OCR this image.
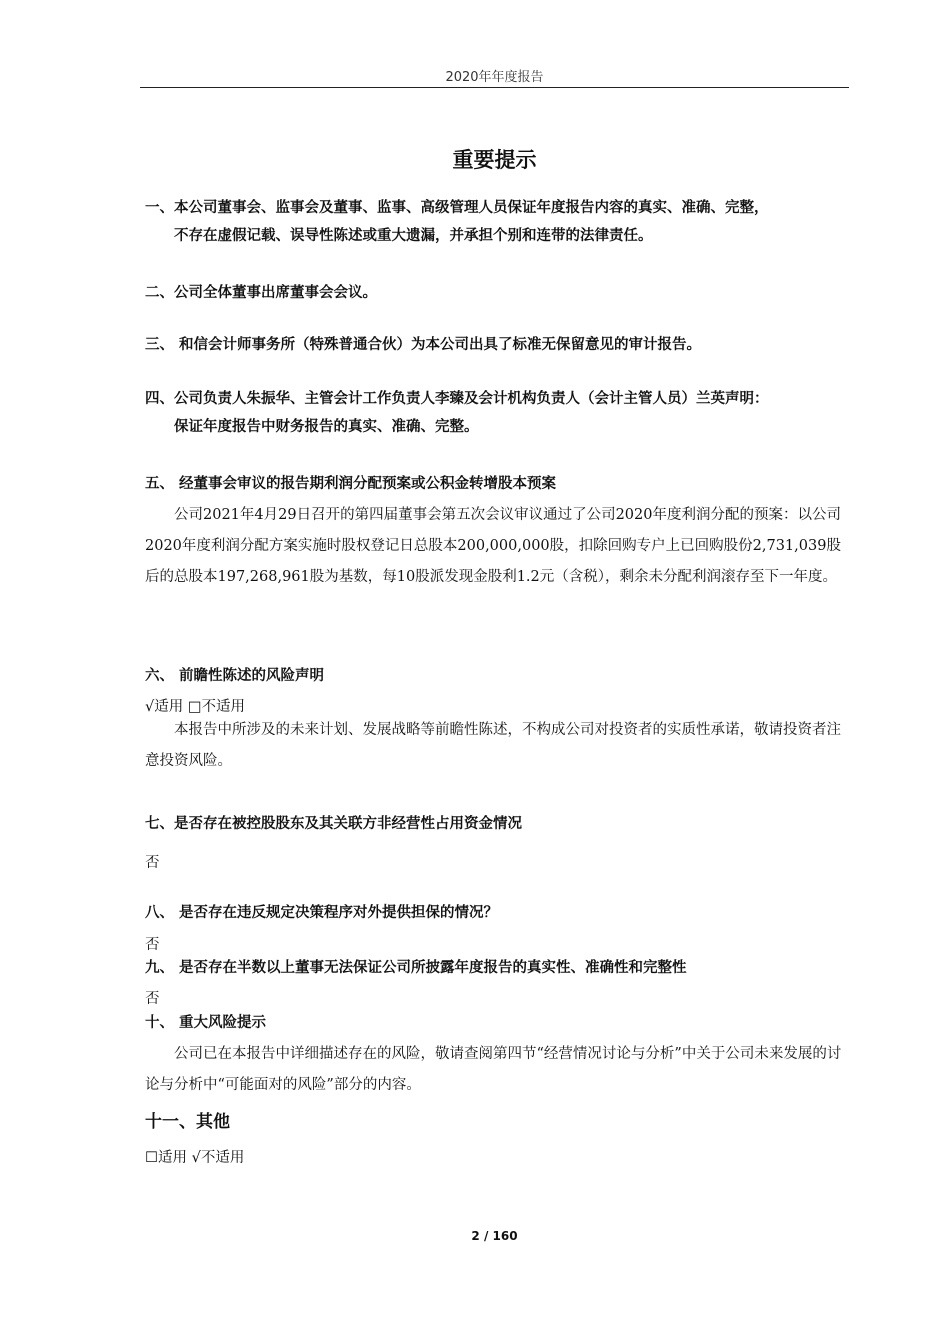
2020年年度报告
重要提示
一、本公司董事会、监事会及董事、监事、高级管理人员保证年度报告内容的真实、准确、完整，
不存在虚假记载、误导性陈述或重大遗漏，并承担个别和连带的法律责任。
二、公司全体董事出席董事会会议。
三、 和信会计师事务所（特殊普通合伙）为本公司出具了标准无保留意见的审计报告。
四、公司负责人朱振华、主管会计工作负责人李臻及会计机构负责人（会计主管人员）兰英声明：
保证年度报告中财务报告的真实、准确、完整。
五、 经董事会审议的报告期利润分配预案或公积金转增股本预案
公司2021年4月29日召开的第四届董事会第五次会议审议通过了公司2020年度利润分配的预案：以公司2020年度利润分配方案实施时股权登记日总股本200,000,000股，扣除回购专户上已回购股份2,731,039股后的总股本197,268,961股为基数，每10股派发现金股利1.2元（含税），剩余未分配利润滚存至下一年度。
六、 前瞻性陈述的风险声明
√适用 □不适用
本报告中所涉及的未来计划、发展战略等前瞻性陈述，不构成公司对投资者的实质性承诺，敬请投资者注意投资风险。
七、是否存在被控股股东及其关联方非经营性占用资金情况
否
八、 是否存在违反规定决策程序对外提供担保的情况？
否
九、 是否存在半数以上董事无法保证公司所披露年度报告的真实性、准确性和完整性
否
十、 重大风险提示
公司已在本报告中详细描述存在的风险，敬请查阅第四节“经营情况讨论与分析”中关于公司未来发展的讨论与分析中“可能面对的风险”部分的内容。
十一、其他
☐适用 √不适用
2 / 160
